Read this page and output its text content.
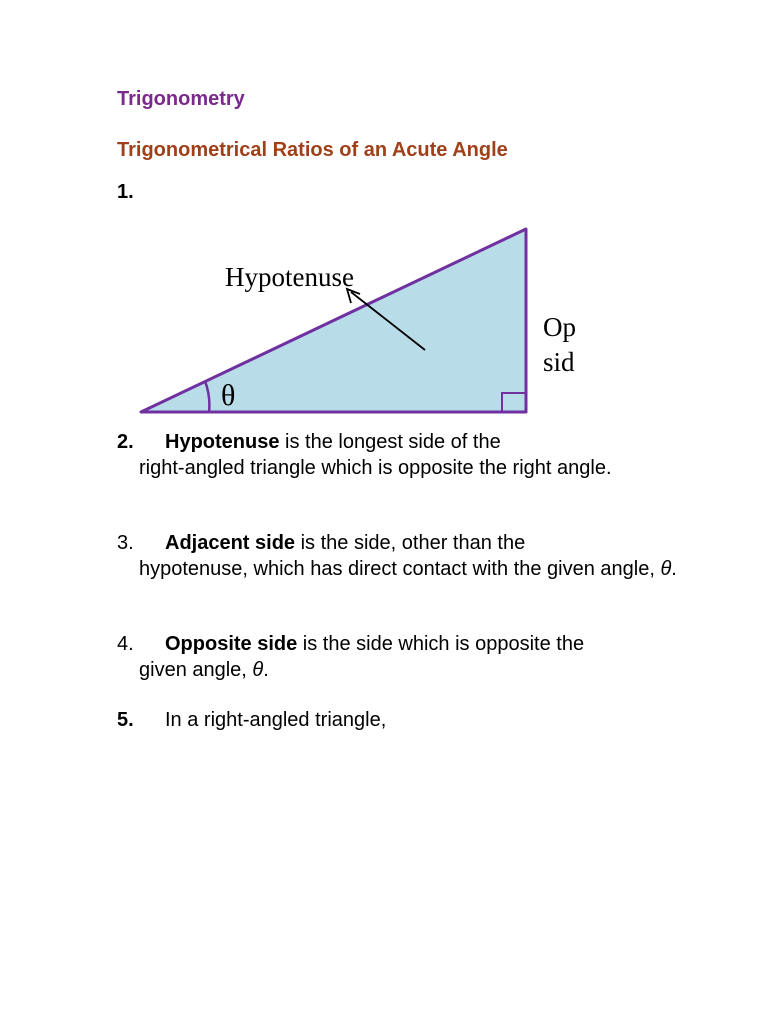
Trigonometry
Trigonometrical Ratios of an Acute Angle
1.
Hypotenuse
Op
sid
θ
2. Hypotenuse is the longest side of the
right-angled triangle which is opposite the right angle.
3. Adjacent side is the side, other than the
hypotenuse, which has direct contact with the given angle, θ.
4. Opposite side is the side which is opposite the
given angle, θ.
5. In a right-angled triangle,
